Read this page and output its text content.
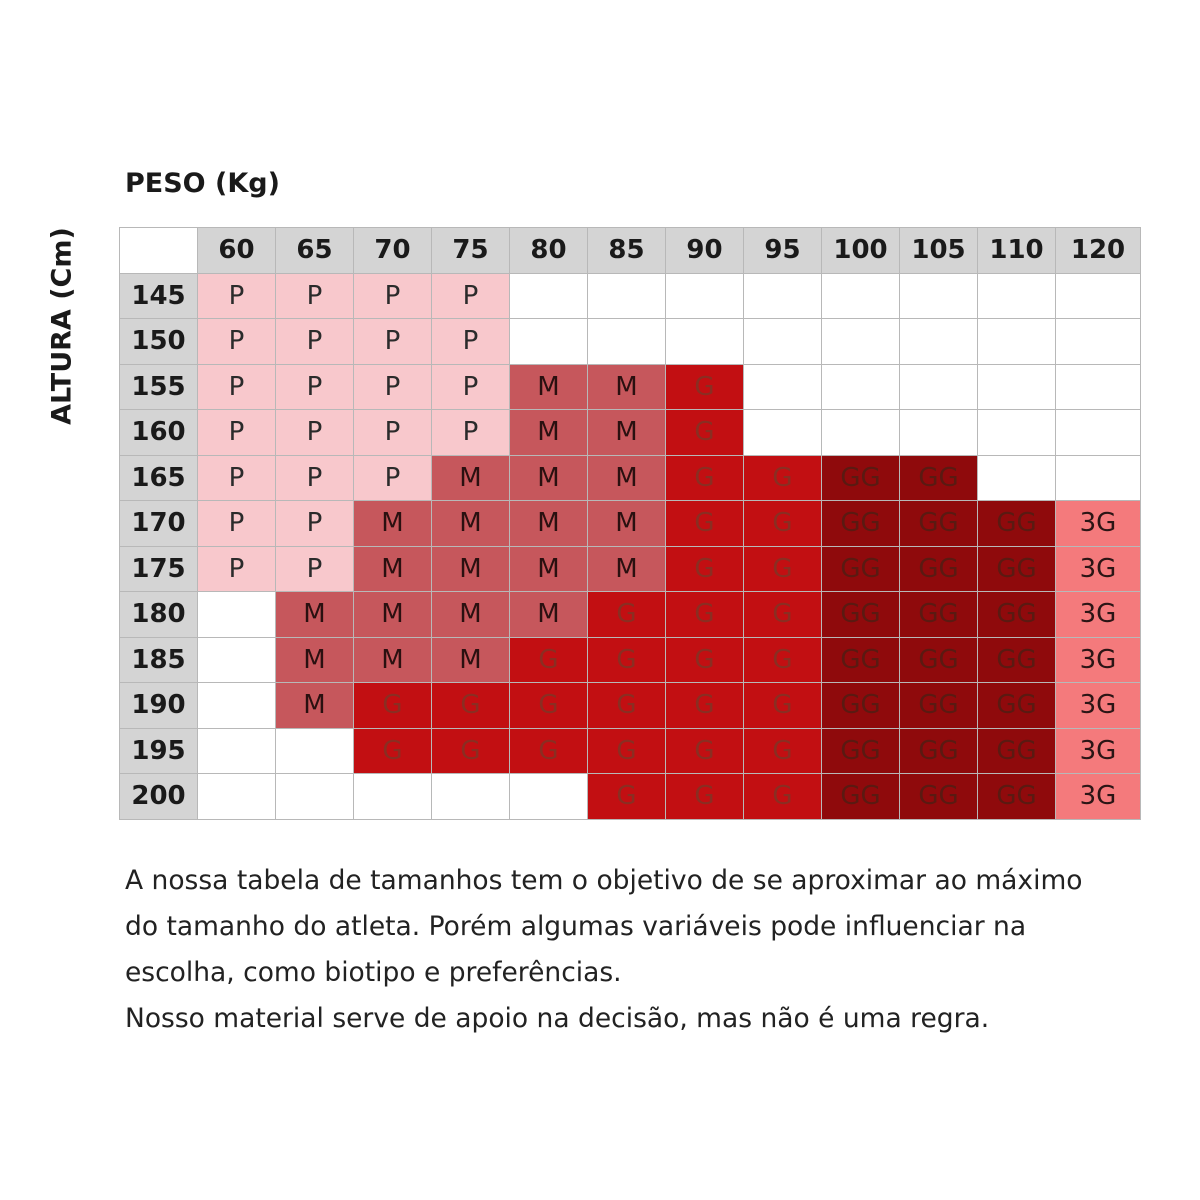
PESO (Kg)
ALTURA (Cm)
		60	65	70	75	80	85	90	95	100	105	110	120
145	P	P	P	P								
150	P	P	P	P								
155	P	P	P	P	M	M	G					
160	P	P	P	P	M	M	G					
165	P	P	P	M	M	M	G	G	GG	GG		
170	P	P	M	M	M	M	G	G	GG	GG	GG	3G
175	P	P	M	M	M	M	G	G	GG	GG	GG	3G
180		M	M	M	M	G	G	G	GG	GG	GG	3G
185		M	M	M	G	G	G	G	GG	GG	GG	3G
190		M	G	G	G	G	G	G	GG	GG	GG	3G
195			G	G	G	G	G	G	GG	GG	GG	3G
200						G	G	G	GG	GG	GG	3G

A nossa tabela de tamanhos tem o objetivo de se aproximar ao máximo

do tamanho do atleta. Porém algumas variáveis pode influenciar na

escolha, como biotipo e preferências.

Nosso material serve de apoio na decisão, mas não é uma regra.
